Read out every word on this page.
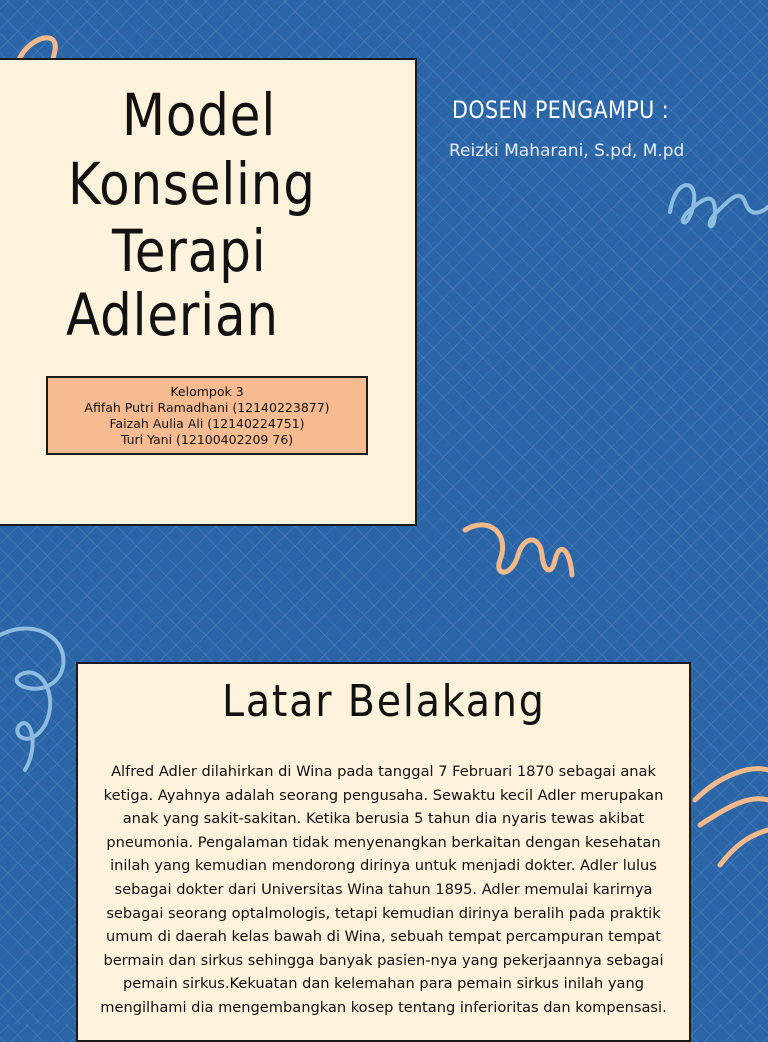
Model
Konseling
Terapi
Adlerian
Kelompok 3
Afifah Putri Ramadhani (12140223877)
Faizah Aulia Ali (12140224751)
Turi Yani (12100402209 76)
DOSEN PENGAMPU :
Reizki Maharani, S.pd, M.pd
Latar Belakang
Alfred Adler dilahirkan di Wina pada tanggal 7 Februari 1870 sebagai anak
ketiga. Ayahnya adalah seorang pengusaha. Sewaktu kecil Adler merupakan
anak yang sakit-sakitan. Ketika berusia 5 tahun dia nyaris tewas akibat
pneumonia. Pengalaman tidak menyenangkan berkaitan dengan kesehatan
inilah yang kemudian mendorong dirinya untuk menjadi dokter. Adler lulus
sebagai dokter dari Universitas Wina tahun 1895. Adler memulai karirnya
sebagai seorang optalmologis, tetapi kemudian dirinya beralih pada praktik
umum di daerah kelas bawah di Wina, sebuah tempat percampuran tempat
bermain dan sirkus sehingga banyak pasien-nya yang pekerjaannya sebagai
pemain sirkus.Kekuatan dan kelemahan para pemain sirkus inilah yang
mengilhami dia mengembangkan kosep tentang inferioritas dan kompensasi.
